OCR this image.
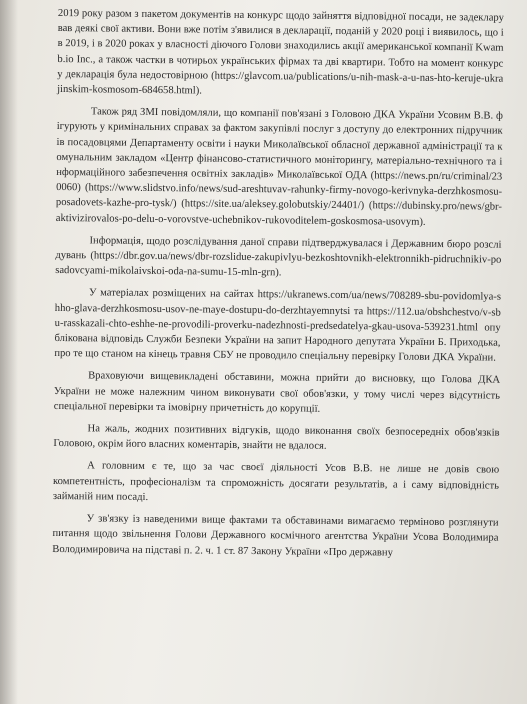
2019 року разом з пакетом документів на конкурс щодо зайняття відповідної посади, не задекларував деякі свої активи. Вони вже потім з'явилися в декларації, поданій у 2020 році і виявилось, що і в 2019, і в 2020 роках у власності діючого Голови знаходились акції американської компанії Kwamb.io Inc., а також частки в чотирьох українських фірмах та дві квартири. Тобто на момент конкурсу декларація була недостовірною (https://glavcom.ua/publications/u-nih-mask-a-u-nas-hto-keruje-ukrajinskim-kosmosom-684658.html).

Також ряд ЗМІ повідомляли, що компанії пов'язані з Головою ДКА України Усовим В.В. фігурують у кримінальних справах за фактом закупівлі послуг з доступу до електронних підручників посадовцями Департаменту освіти і науки Миколаївської обласної державної адміністрації та комунальним закладом «Центр фінансово-статистичного моніторингу, матеріально-технічного та інформаційного забезпечення освітніх закладів» Миколаївської ОДА (https://news.pn/ru/criminal/230060) (https://www.slidstvo.info/news/sud-areshtuvav-rahunky-firmy-novogo-kerivnyka-derzhkosmosu-posadovets-kazhe-pro-tysk/) (https://site.ua/aleksey.golobutskiy/24401/) (https://dubinsky.pro/news/gbr-aktivizirovalos-po-delu-o-vorovstve-uchebnikov-rukovoditelem-goskosmosa-usovym).

Інформація, щодо розслідування даної справи підтверджувалася і Державним бюро розслідувань (https://dbr.gov.ua/news/dbr-rozslidue-zakupivlyu-bezkoshtovnikh-elektronnikh-pidruchnikiv-posadovcyami-mikolaivskoi-oda-na-sumu-15-mln-grn).

У матеріалах розміщених на сайтах https://ukranews.com/ua/news/708289-sbu-povidomlya-shho-glava-derzhkosmosu-usov-ne-maye-dostupu-do-derzhtayemnytsi та https://112.ua/obshchestvo/v-sbu-rasskazali-chto-eshhe-ne-provodili-proverku-nadezhnosti-predsedatelya-gkau-usova-539231.html опублікована відповідь Служби Безпеки України на запит Народного депутата України Б. Приходька, про те що станом на кінець травня СБУ не проводило спеціальну перевірку Голови ДКА України.

Враховуючи вищевикладені обставини, можна прийти до висновку, що Голова ДКА України не може належним чином виконувати свої обов'язки, у тому числі через відсутність спеціальної перевірки та імовірну причетність до корупції.

На жаль, жодних позитивних відгуків, щодо виконання своїх безпосередніх обов'язків Головою, окрім його власних коментарів, знайти не вдалося.

А головним є те, що за час своєї діяльності Усов В.В. не лише не довів свою компетентність, професіоналізм та спроможність досягати результатів, а і саму відповідність займаній ним посаді.

У зв'язку із наведеними вище фактами та обставинами вимагаємо терміново розглянути питання щодо звільнення Голови Державного космічного агентства України Усова Володимира Володимировича на підставі п. 2. ч. 1 ст. 87 Закону України «Про державну
